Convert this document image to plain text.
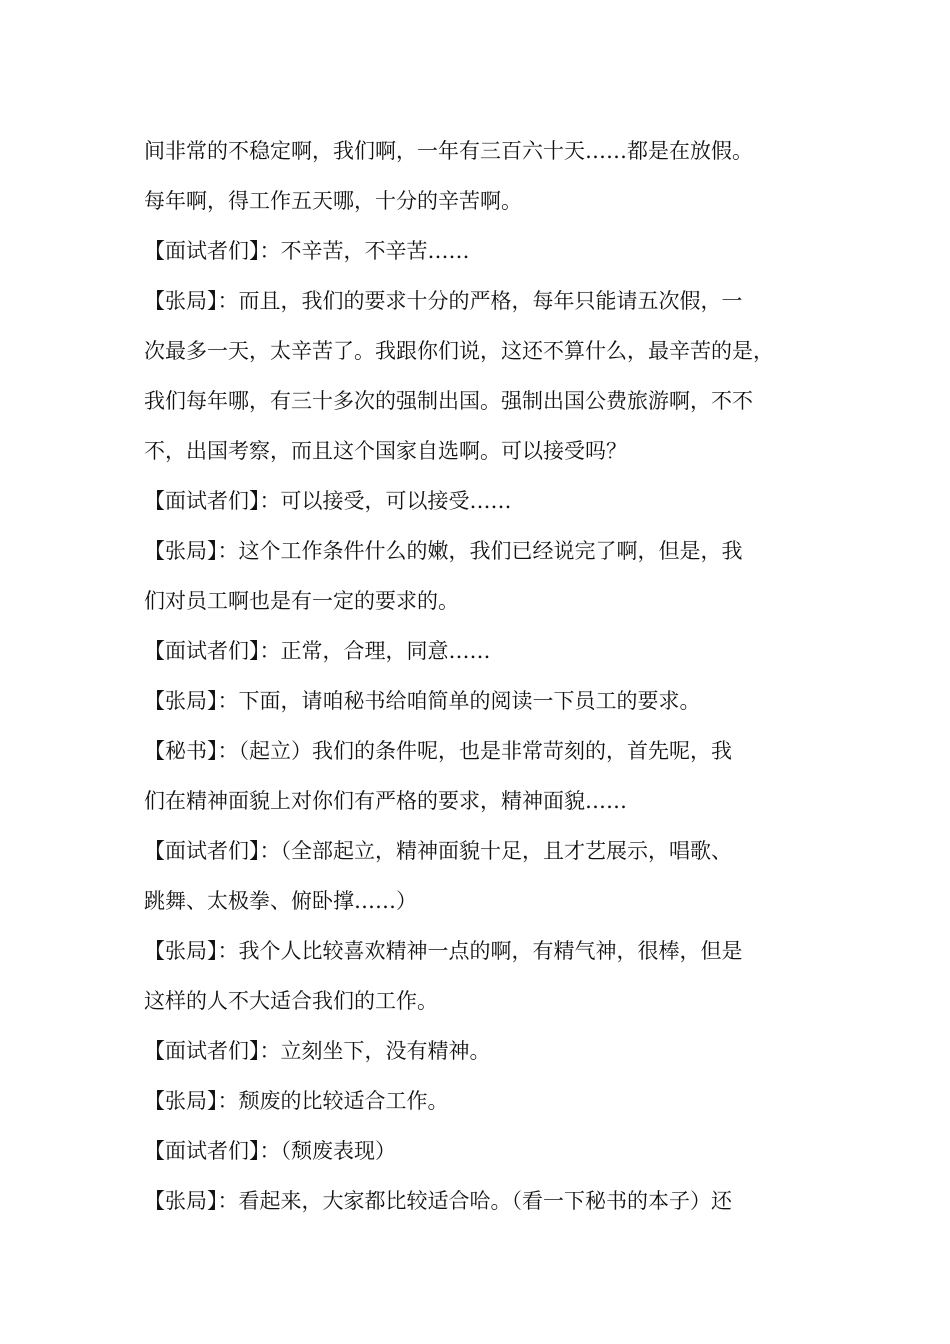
间非常的不稳定啊，我们啊，一年有三百六十天……都是在放假。
每年啊，得工作五天哪，十分的辛苦啊。
【面试者们】：不辛苦，不辛苦……
【张局】：而且，我们的要求十分的严格，每年只能请五次假，一
次最多一天，太辛苦了。我跟你们说，这还不算什么，最辛苦的是，
我们每年哪，有三十多次的强制出国。强制出国公费旅游啊，不不
不，出国考察，而且这个国家自选啊。可以接受吗？
【面试者们】：可以接受，可以接受……
【张局】：这个工作条件什么的嫩，我们已经说完了啊，但是，我
们对员工啊也是有一定的要求的。
【面试者们】：正常，合理，同意……
【张局】：下面，请咱秘书给咱简单的阅读一下员工的要求。
【秘书】：（起立）我们的条件呢，也是非常苛刻的，首先呢，我
们在精神面貌上对你们有严格的要求，精神面貌……
【面试者们】：（全部起立，精神面貌十足，且才艺展示，唱歌、
跳舞、太极拳、俯卧撑……）
【张局】：我个人比较喜欢精神一点的啊，有精气神，很棒，但是
这样的人不大适合我们的工作。
【面试者们】：立刻坐下，没有精神。
【张局】：颓废的比较适合工作。
【面试者们】：（颓废表现）
【张局】：看起来，大家都比较适合哈。（看一下秘书的本子）还
